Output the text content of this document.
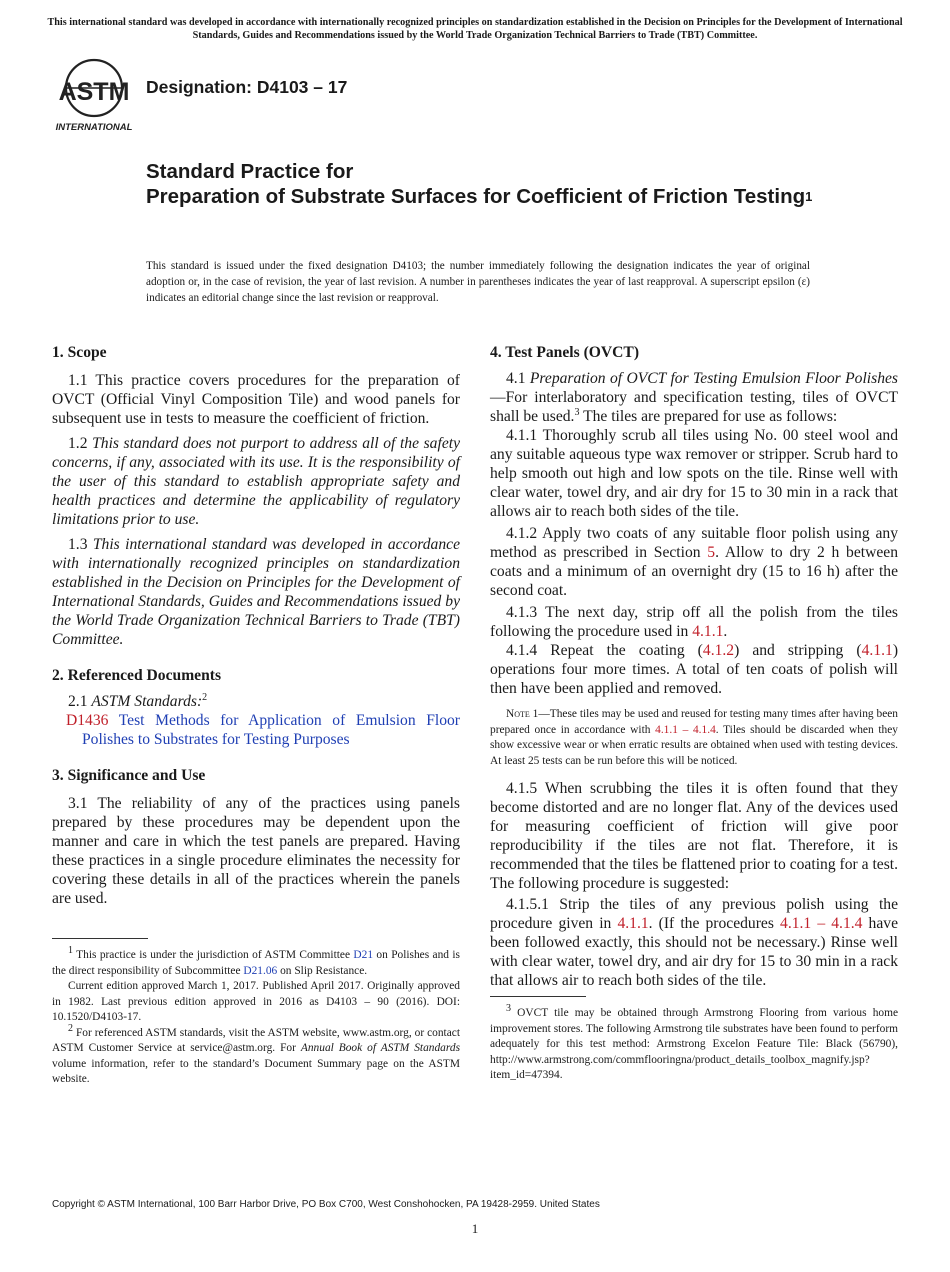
This international standard was developed in accordance with internationally recognized principles on standardization established in the Decision on Principles for the Development of International Standards, Guides and Recommendations issued by the World Trade Organization Technical Barriers to Trade (TBT) Committee.
ASTM
INTERNATIONAL
Designation: D4103 – 17
Standard Practice for
Preparation of Substrate Surfaces for Coefficient of Friction Testing$^1$
This standard is issued under the fixed designation D4103; the number immediately following the designation indicates the year of original adoption or, in the case of revision, the year of last revision. A number in parentheses indicates the year of last reapproval. A superscript epsilon (ε) indicates an editorial change since the last revision or reapproval.
1. Scope

1.1 This practice covers procedures for the preparation of OVCT (Official Vinyl Composition Tile) and wood panels for subsequent use in tests to measure the coefficient of friction.

1.2 This standard does not purport to address all of the safety concerns, if any, associated with its use. It is the responsibility of the user of this standard to establish appropriate safety and health practices and determine the applicability of regulatory limitations prior to use.

1.3 This international standard was developed in accordance with internationally recognized principles on standardization established in the Decision on Principles for the Development of International Standards, Guides and Recommendations issued by the World Trade Organization Technical Barriers to Trade (TBT) Committee.

2. Referenced Documents

2.1 ASTM Standards:$^2$

D1436 Test Methods for Application of Emulsion Floor Polishes to Substrates for Testing Purposes

3. Significance and Use

3.1 The reliability of any of the practices using panels prepared by these procedures may be dependent upon the manner and care in which the test panels are prepared. Having these practices in a single procedure eliminates the necessity for covering these details in all of the practices wherein the panels are used.

$^1$ This practice is under the jurisdiction of ASTM Committee D21 on Polishes and is the direct responsibility of Subcommittee D21.06 on Slip Resistance.

Current edition approved March 1, 2017. Published April 2017. Originally approved in 1982. Last previous edition approved in 2016 as D4103 – 90 (2016). DOI: 10.1520/D4103-17.

$^2$ For referenced ASTM standards, visit the ASTM website, www.astm.org, or contact ASTM Customer Service at service@astm.org. For Annual Book of ASTM Standards volume information, refer to the standard’s Document Summary page on the ASTM website.

4. Test Panels (OVCT)

4.1 Preparation of OVCT for Testing Emulsion Floor Polishes—For interlaboratory and specification testing, tiles of OVCT shall be used.$^3$ The tiles are prepared for use as follows:

4.1.1 Thoroughly scrub all tiles using No. 00 steel wool and any suitable aqueous type wax remover or stripper. Scrub hard to help smooth out high and low spots on the tile. Rinse well with clear water, towel dry, and air dry for 15 to 30 min in a rack that allows air to reach both sides of the tile.

4.1.2 Apply two coats of any suitable floor polish using any method as prescribed in Section 5. Allow to dry 2 h between coats and a minimum of an overnight dry (15 to 16 h) after the second coat.

4.1.3 The next day, strip off all the polish from the tiles following the procedure used in 4.1.1.

4.1.4 Repeat the coating (4.1.2) and stripping (4.1.1) operations four more times. A total of ten coats of polish will then have been applied and removed.

Note 1—These tiles may be used and reused for testing many times after having been prepared once in accordance with 4.1.1 – 4.1.4. Tiles should be discarded when they show excessive wear or when erratic results are obtained when used with testing devices. At least 25 tests can be run before this will be noticed.

4.1.5 When scrubbing the tiles it is often found that they become distorted and are no longer flat. Any of the devices used for measuring coefficient of friction will give poor reproducibility if the tiles are not flat. Therefore, it is recommended that the tiles be flattened prior to coating for a test. The following procedure is suggested:

4.1.5.1 Strip the tiles of any previous polish using the procedure given in 4.1.1. (If the procedures 4.1.1 – 4.1.4 have been followed exactly, this should not be necessary.) Rinse well with clear water, towel dry, and air dry for 15 to 30 min in a rack that allows air to reach both sides of the tile.

$^3$ OVCT tile may be obtained through Armstrong Flooring from various home improvement stores. The following Armstrong tile substrates have been found to perform adequately for this test method: Armstrong Excelon Feature Tile: Black (56790), http://www.armstrong.com/commflooringna/product_details_toolbox_magnify.jsp?item_id=47394.

Copyright © ASTM International, 100 Barr Harbor Drive, PO Box C700, West Conshohocken, PA 19428-2959. United States
1
